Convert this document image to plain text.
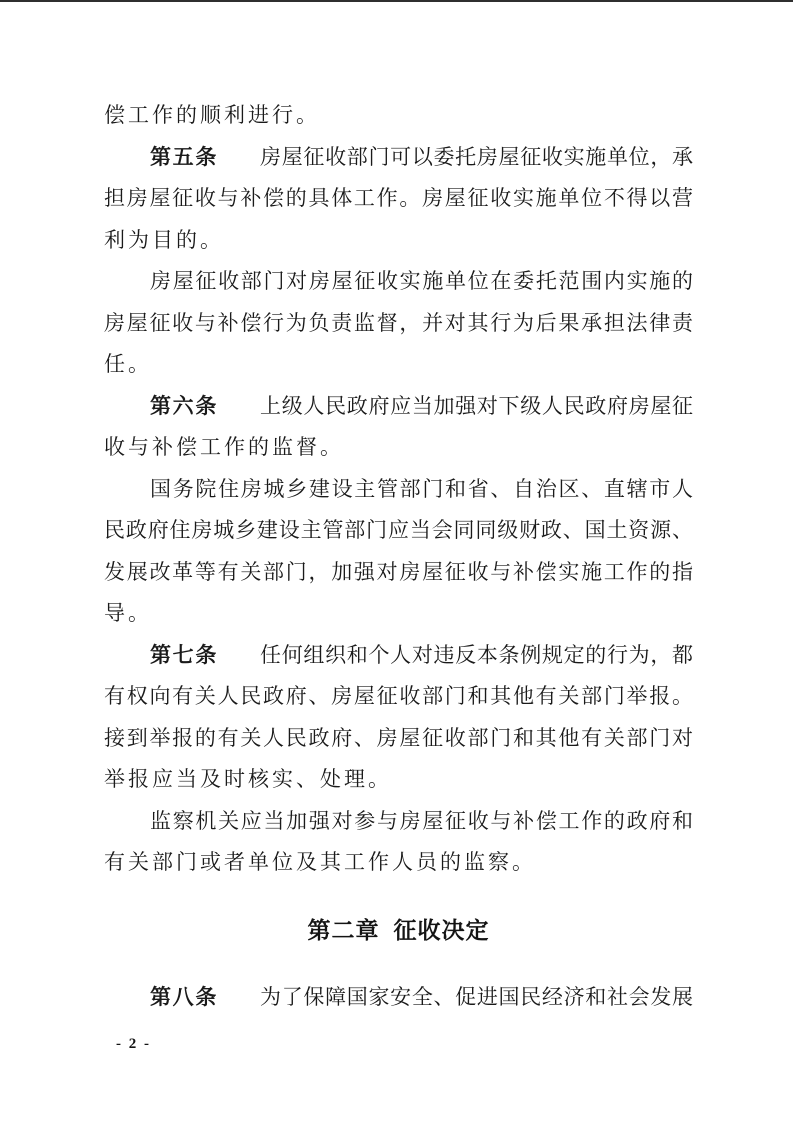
偿工作的顺利进行。
第五条 房屋征收部门可以委托房屋征收实施单位，承
担房屋征收与补偿的具体工作。房屋征收实施单位不得以营
利为目的。
房屋征收部门对房屋征收实施单位在委托范围内实施的
房屋征收与补偿行为负责监督，并对其行为后果承担法律责
任。
第六条 上级人民政府应当加强对下级人民政府房屋征
收与补偿工作的监督。
国务院住房城乡建设主管部门和省、自治区、直辖市人
民政府住房城乡建设主管部门应当会同同级财政、国土资源、
发展改革等有关部门，加强对房屋征收与补偿实施工作的指
导。
第七条 任何组织和个人对违反本条例规定的行为，都
有权向有关人民政府、房屋征收部门和其他有关部门举报。
接到举报的有关人民政府、房屋征收部门和其他有关部门对
举报应当及时核实、处理。
监察机关应当加强对参与房屋征收与补偿工作的政府和
有关部门或者单位及其工作人员的监察。
第二章 征收决定
第八条 为了保障国家安全、促进国民经济和社会发展
- 2 -
